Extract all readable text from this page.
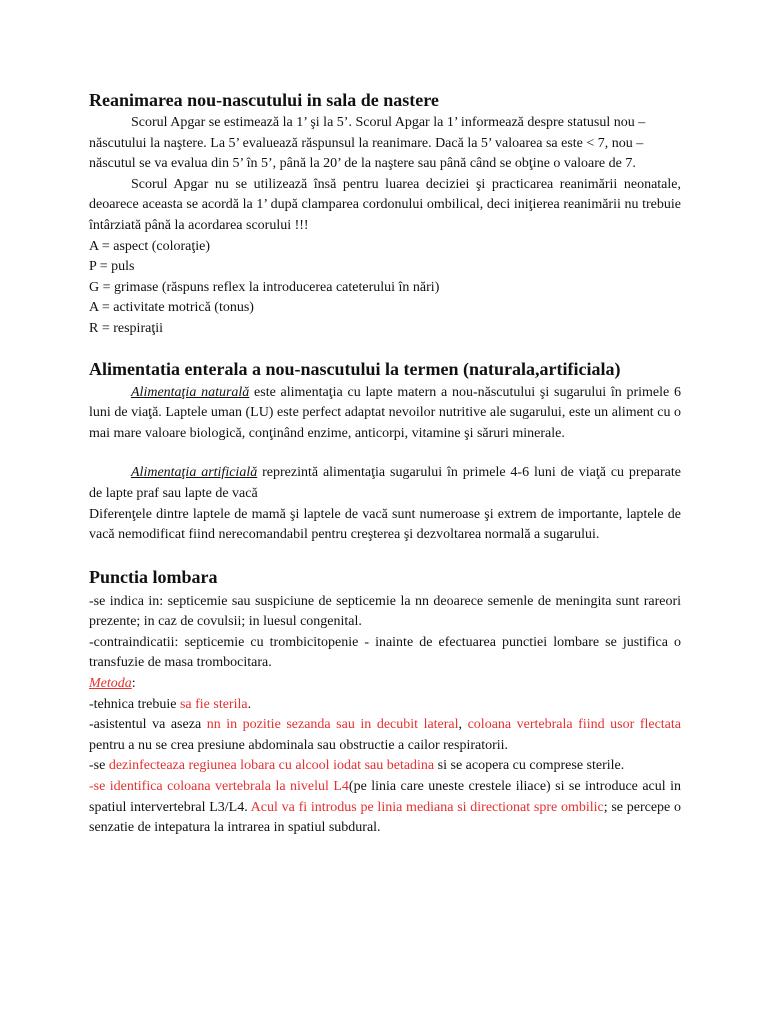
Reanimarea nou-nascutului in sala de nastere

Scorul Apgar se estimează la 1’ şi la 5’. Scorul Apgar la 1’ informează despre statusul nou – născutului la naştere. La 5’ evaluează răspunsul la reanimare. Dacă la 5’ valoarea sa este < 7, nou –născutul se va evalua din 5’ în 5’, până la 20’ de la naştere sau până când se obţine o valoare de 7.

Scorul Apgar nu se utilizează însă pentru luarea deciziei şi practicarea reanimării neonatale, deoarece aceasta se acordă la 1’ după clamparea cordonului ombilical, deci iniţierea reanimării nu trebuie întârziată până la acordarea scorului !!!

A = aspect (coloraţie)
P = puls
G = grimase (răspuns reflex la introducerea cateterului în nări)
A = activitate motrică (tonus)
R = respiraţii
Alimentatia enterala a nou-nascutului la termen (naturala,artificiala)

Alimentaţia naturală este alimentaţia cu lapte matern a nou-născutului şi sugarului în primele 6 luni de viaţă. Laptele uman (LU) este perfect adaptat nevoilor nutritive ale sugarului, este un aliment cu o mai mare valoare biologică, conţinând enzime, anticorpi, vitamine şi săruri minerale.

Alimentaţia artificială reprezintă alimentaţia sugarului în primele 4-6 luni de viaţă cu preparate de lapte praf sau lapte de vacă

Diferenţele dintre laptele de mamă şi laptele de vacă sunt numeroase şi extrem de importante, laptele de vacă nemodificat fiind nerecomandabil pentru creşterea şi dezvoltarea normală a sugarului.

Punctia lombara

-se indica in: septicemie sau suspiciune de septicemie la nn deoarece semenle de meningita sunt rareori prezente; in caz de covulsii; in luesul congenital.

-contraindicatii: septicemie cu trombicitopenie - inainte de efectuarea punctiei lombare se justifica o transfuzie de masa trombocitara.

Metoda:
-tehnica trebuie sa fie sterila.

-asistentul va aseza nn in pozitie sezanda sau in decubit lateral, coloana vertebrala fiind usor flectata pentru a nu se crea presiune abdominala sau obstructie a cailor respiratorii.

-se dezinfecteaza regiunea lobara cu alcool iodat sau betadina si se acopera cu comprese sterile.

-se identifica coloana vertebrala la nivelul L4(pe linia care uneste crestele iliace) si se introduce acul in spatiul intervertebral L3/L4. Acul va fi introdus pe linia mediana si directionat spre ombilic; se percepe o senzatie de intepatura la intrarea in spatiul subdural.
